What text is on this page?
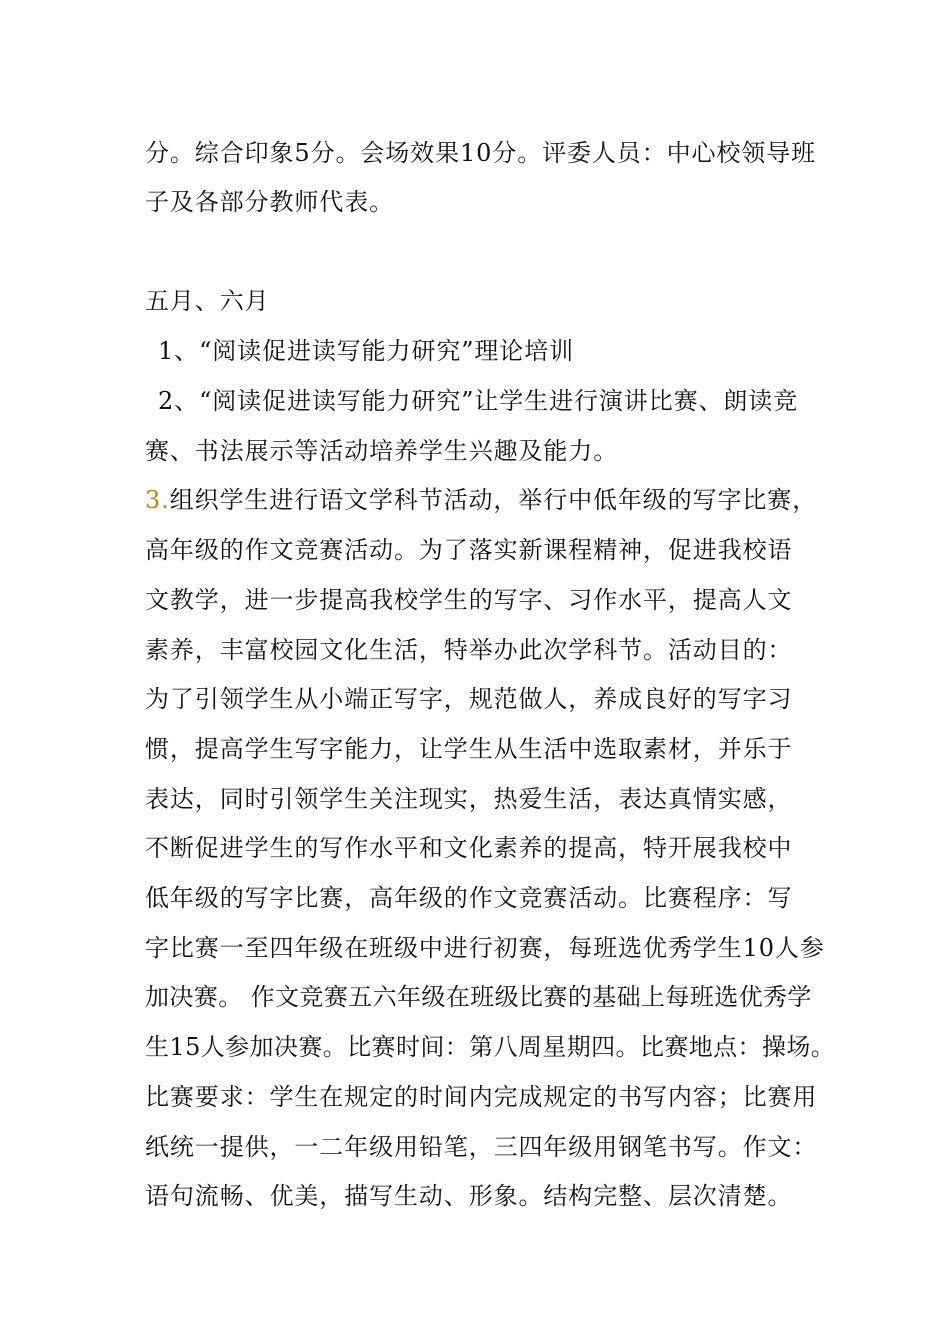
分。综合印象5分。会场效果10分。评委人员：中心校领导班

子及各部分教师代表。

五月、六月

1、“阅读促进读写能力研究”理论培训

2、“阅读促进读写能力研究”让学生进行演讲比赛、朗读竞

赛、书法展示等活动培养学生兴趣及能力。

3.组织学生进行语文学科节活动，举行中低年级的写字比赛，

高年级的作文竞赛活动。为了落实新课程精神，促进我校语

文教学，进一步提高我校学生的写字、习作水平，提高人文

素养，丰富校园文化生活，特举办此次学科节。活动目的：

为了引领学生从小端正写字，规范做人，养成良好的写字习

惯，提高学生写字能力，让学生从生活中选取素材，并乐于

表达，同时引领学生关注现实，热爱生活，表达真情实感，

不断促进学生的写作水平和文化素养的提高，特开展我校中

低年级的写字比赛，高年级的作文竞赛活动。比赛程序：写

字比赛一至四年级在班级中进行初赛，每班选优秀学生10人参

加决赛。 作文竞赛五六年级在班级比赛的基础上每班选优秀学

生15人参加决赛。比赛时间：第八周星期四。比赛地点：操场。

比赛要求：学生在规定的时间内完成规定的书写内容；比赛用

纸统一提供，一二年级用铅笔，三四年级用钢笔书写。作文：

语句流畅、优美，描写生动、形象。结构完整、层次清楚。
